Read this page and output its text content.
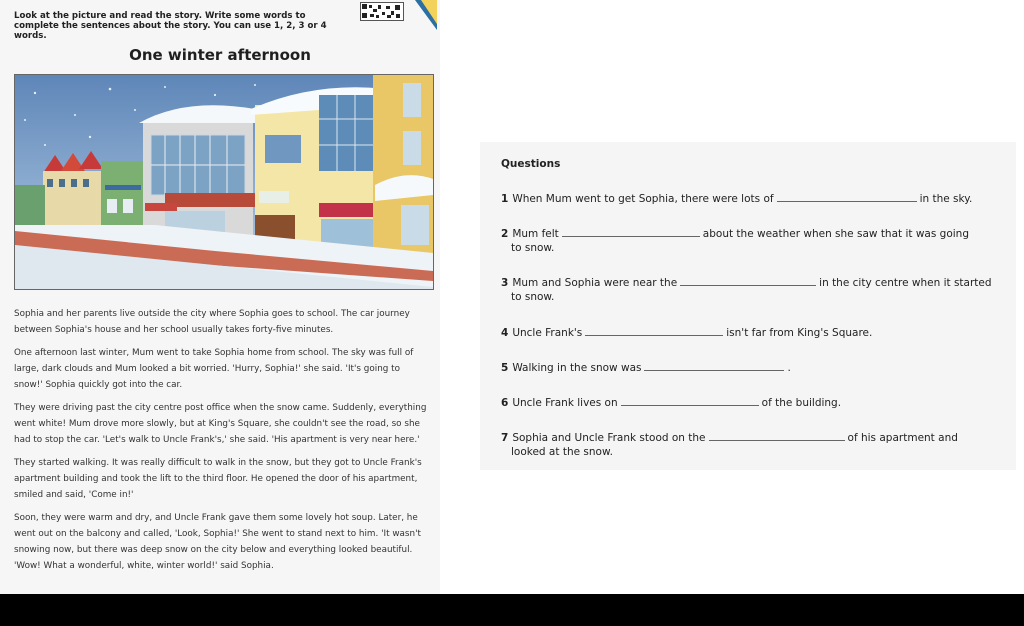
Look at the picture and read the story. Write some words to complete the sentences about the story. You can use 1, 2, 3 or 4 words.
One winter afternoon

Sophia and her parents live outside the city where Sophia goes to school. The car journey between Sophia's house and her school usually takes forty-five minutes.

One afternoon last winter, Mum went to take Sophia home from school. The sky was full of large, dark clouds and Mum looked a bit worried. 'Hurry, Sophia!' she said. 'It's going to snow!' Sophia quickly got into the car.

They were driving past the city centre post office when the snow came. Suddenly, everything went white! Mum drove more slowly, but at King's Square, she couldn't see the road, so she had to stop the car. 'Let's walk to Uncle Frank's,' she said. 'His apartment is very near here.'

They started walking. It was really difficult to walk in the snow, but they got to Uncle Frank's apartment building and took the lift to the third floor. He opened the door of his apartment, smiled and said, 'Come in!'

Soon, they were warm and dry, and Uncle Frank gave them some lovely hot soup. Later, he went out on the balcony and called, 'Look, Sophia!' She went to stand next to him. 'It wasn't snowing now, but there was deep snow on the city below and everything looked beautiful. 'Wow! What a wonderful, white, winter world!' said Sophia.

Questions
1 When Mum went to get Sophia, there were lots of	in the sky.
2 Mum felt	about the weather when she saw that it was going
to snow.
3 Mum and Sophia were near the	in the city centre when it started
to snow.
4 Uncle Frank's	isn't far from King's Square.
5 Walking in the snow was	.
6 Uncle Frank lives on	of the building.
7 Sophia and Uncle Frank stood on the	of his apartment and
looked at the snow.
